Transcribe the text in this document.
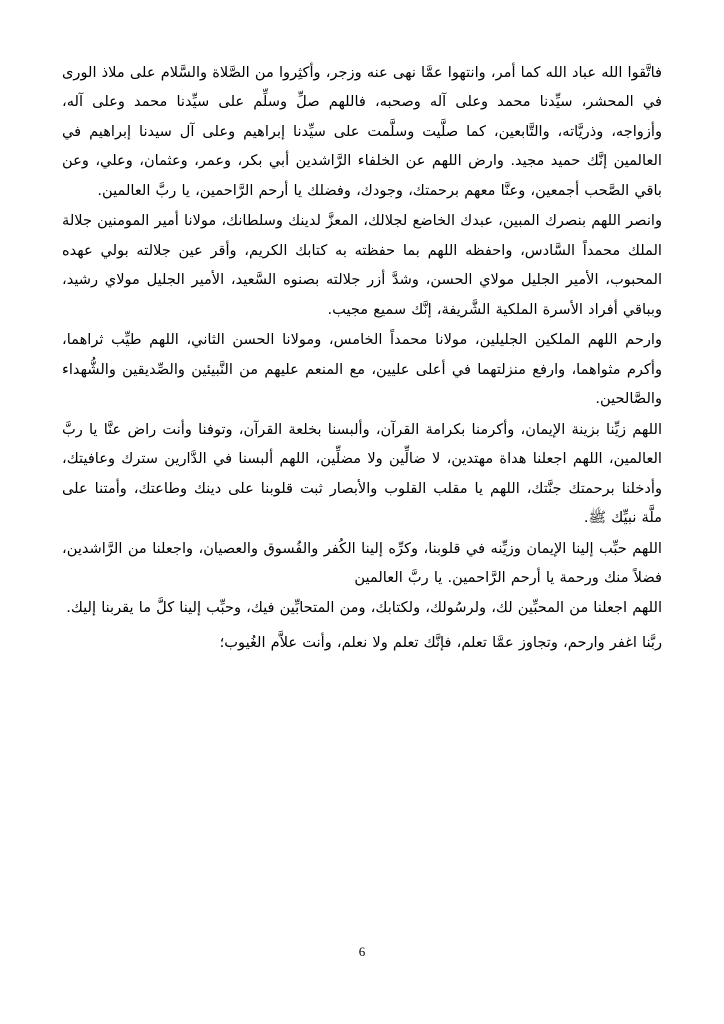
فاتَّقوا الله عباد الله كما أمر، وانتهوا عمَّا نهى عنه وزجر، وأكثِروا من الصَّلاة والسَّلام على ملاذ الورى في المحشر، سيِّدنا محمد وعلى آله وصحبه، فاللهم صلِّ وسلِّم على سيِّدنا محمد وعلى آله، وأزواجه، وذريَّاته، والتَّابعين، كما صلَّيت وسلَّمت على سيِّدنا إبراهيم وعلى آل سيدنا إبراهيم في العالمين إنَّك حميد مجيد. وارض اللهم عن الخلفاء الرَّاشدين أبي بكر، وعمر، وعثمان، وعلي، وعن باقي الصَّحب أجمعين، وعنَّا معهم برحمتك، وجودك، وفضلك يا أرحم الرَّاحمين، يا ربَّ العالمين.

وانصر اللهم بنصرك المبين، عبدك الخاضع لجلالك، المعزَّ لدينك وسلطانك، مولانا أمير المومنين جلالة الملك محمداً السَّادس، واحفظه اللهم بما حفظته به كتابك الكريم، وأقر عين جلالته بولي عهده المحبوب، الأمير الجليل مولاي الحسن، وشدَّ أزر جلالته بصنوه السَّعيد، الأمير الجليل مولاي رشيد، وبباقي أفراد الأسرة الملكية الشَّريفة، إنَّك سميع مجيب.

وارحم اللهم الملكين الجليلين، مولانا محمداً الخامس، ومولانا الحسن الثاني، اللهم طيِّب ثراهما، وأكرم مثواهما، وارفع منزلتهما في أعلى عليين، مع المنعم عليهم من النَّبيئين والصِّديقين والشُّهداء والصَّالحين.

اللهم زيِّنا بزينة الإيمان، وأكرمنا بكرامة القرآن، وألبسنا بخلعة القرآن، وتوفنا وأنت راض عنَّا يا ربَّ العالمين، اللهم اجعلنا هداة مهتدين، لا ضالِّين ولا مضلِّين، اللهم ألبسنا في الدَّارين سترك وعافيتك، وأدخلنا برحمتك جنَّتك، اللهم يا مقلب القلوب والأبصار ثبت قلوبنا على دينك وطاعتك، وأمتنا على ملَّة نبيِّك ﷺ.

اللهم حبِّب إلينا الإيمان وزيِّنه في قلوبنا، وكرِّه إلينا الكُفر والفُسوق والعصيان، واجعلنا من الرَّاشدين، فضلاً منك ورحمة يا أرحم الرَّاحمين. يا ربَّ العالمين

اللهم اجعلنا من المحبِّين لك، ولرسُولك، ولكتابك، ومن المتحابِّين فيك، وحبِّب إلينا كلَّ ما يقربنا إليك.

ربَّنا اغفر وارحم، وتجاوز عمَّا تعلم، فإنَّك تعلم ولا نعلم، وأنت علاَّم الغُيوب؛

6
